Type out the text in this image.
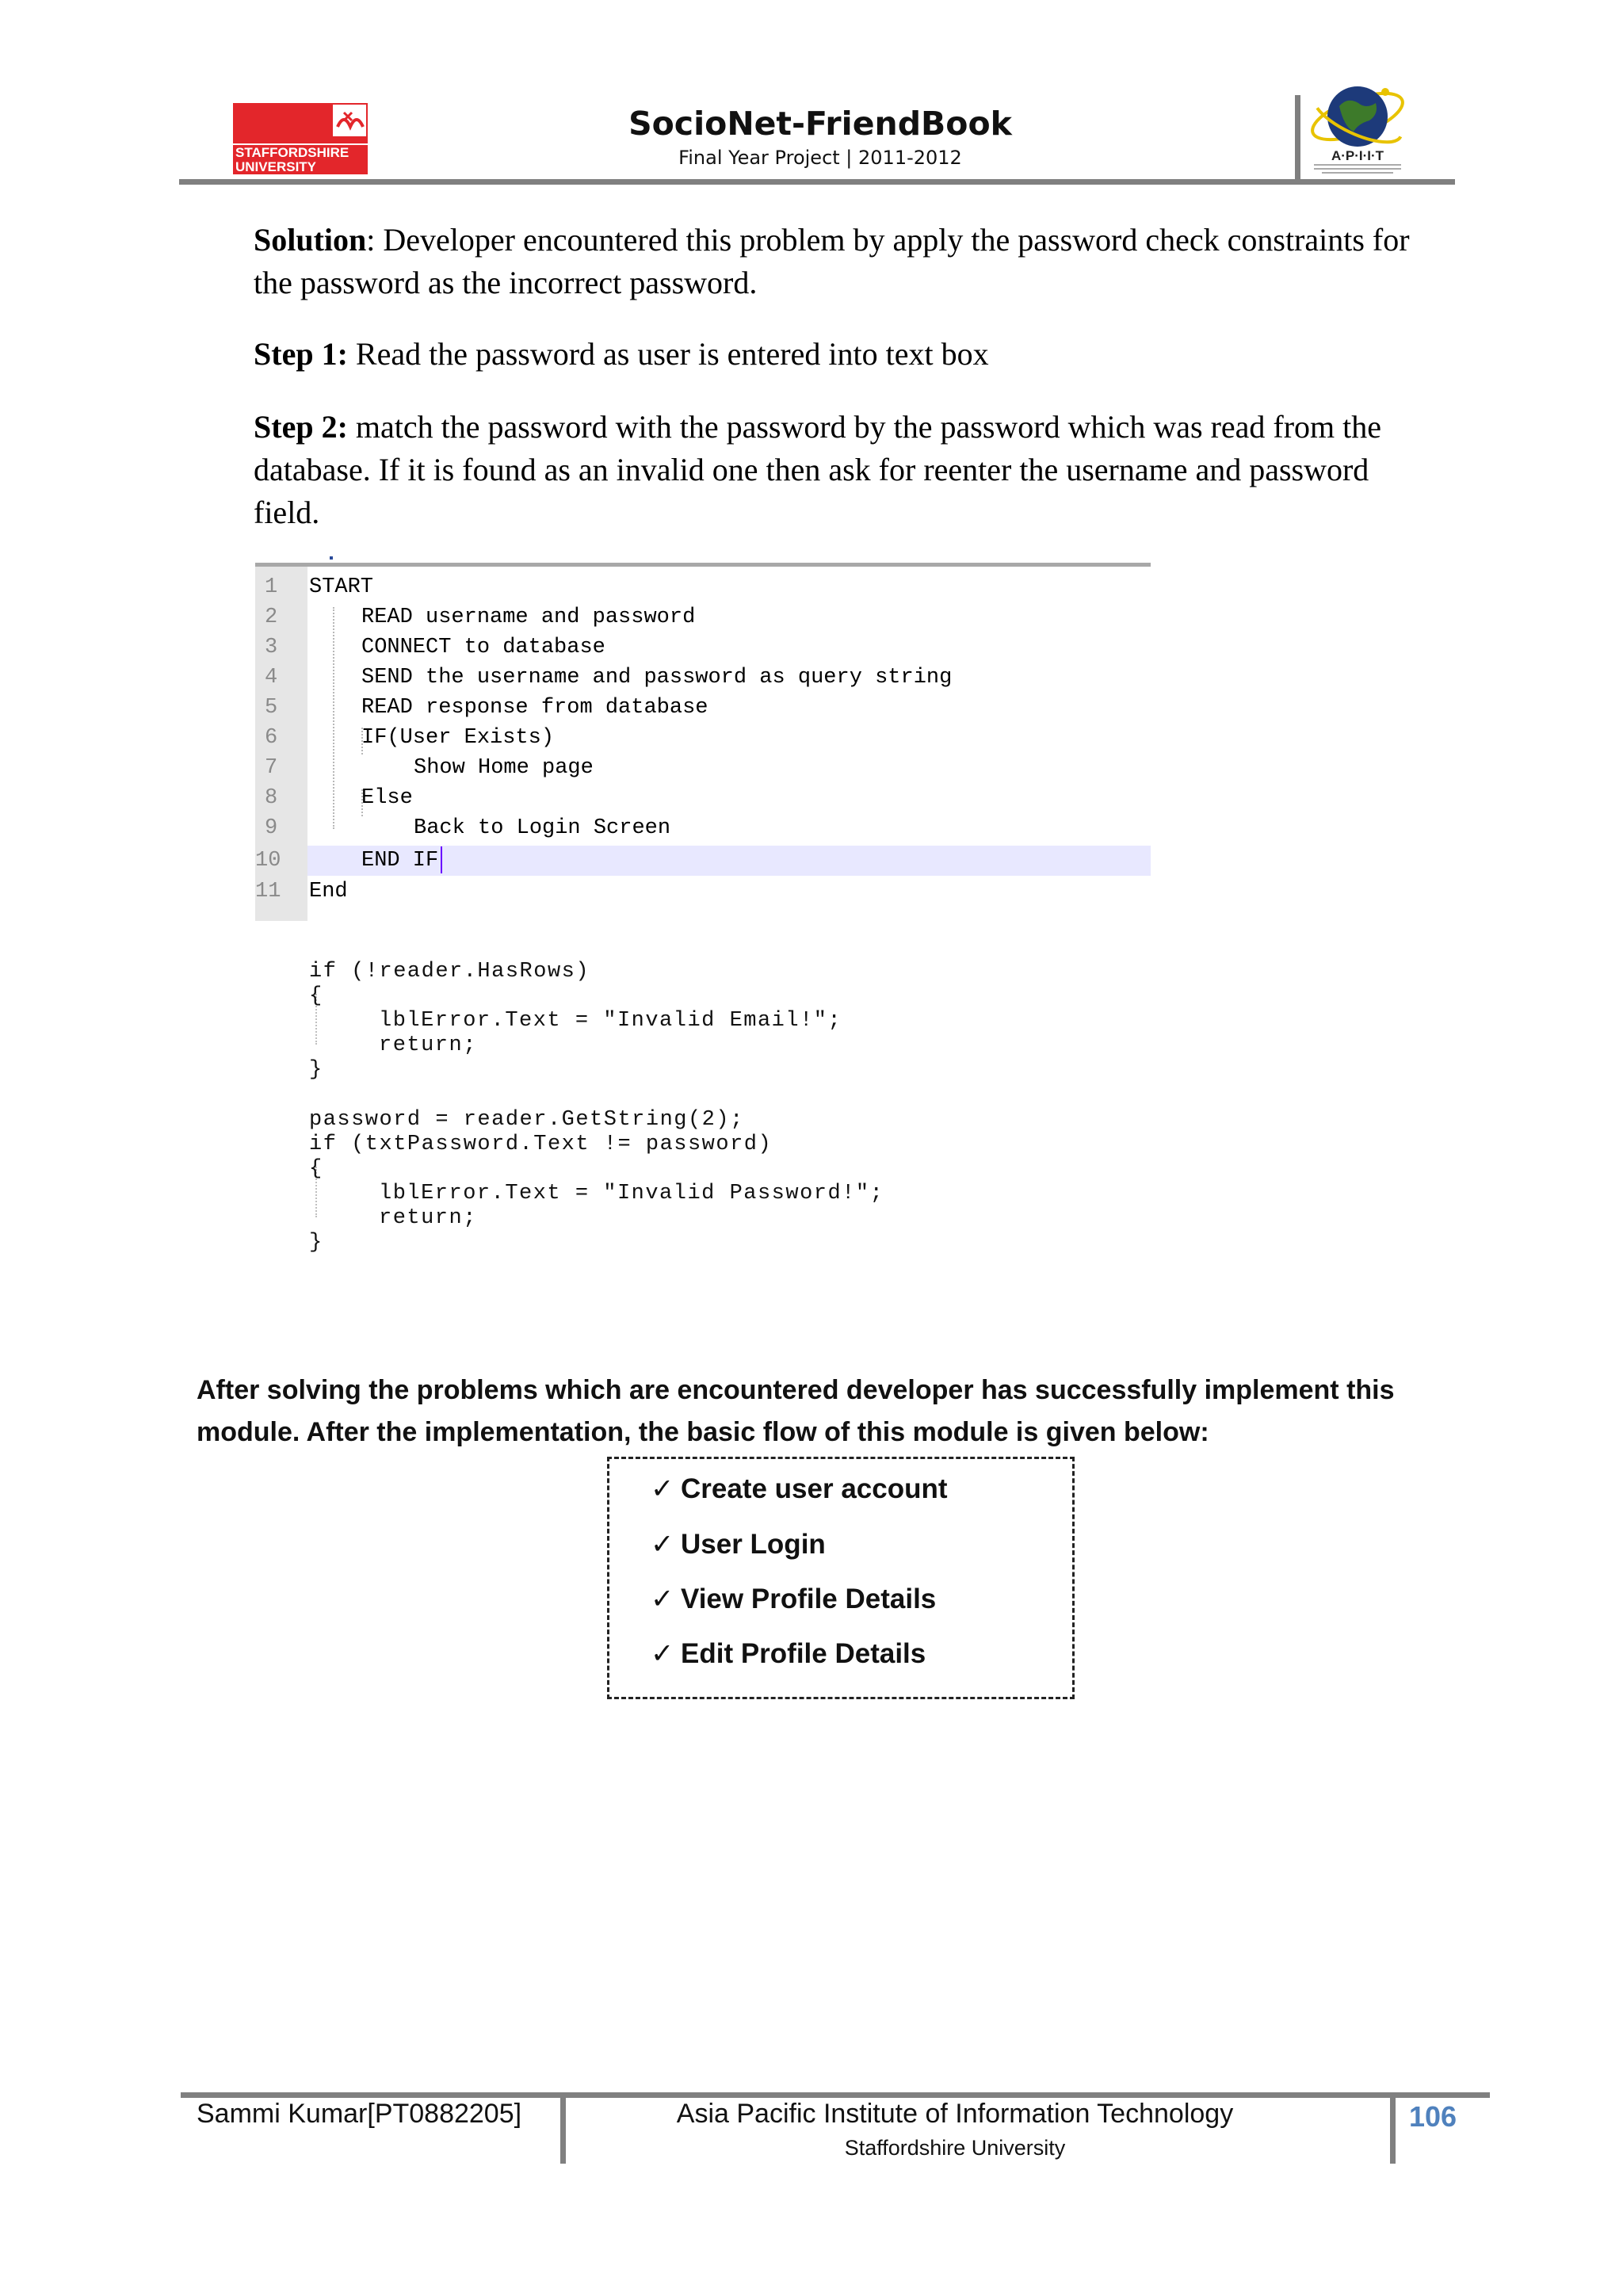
STAFFORDSHIRE
UNIVERSITY
SocioNet-FriendBook
Final Year Project | 2011-2012	A·P·I·I·T

Solution: Developer encountered this problem by apply the password check constraints for the password as the incorrect password.

Step 1: Read the password as user is entered into text box

Step 2: match the password with the password by the password which was read from the database. If it is found as an invalid one then ask for reenter the username and password field.

1 START
2	READ username and password
3	CONNECT to database
4	SEND the username and password as query string
5	READ response from database
6	IF(User Exists)
7	Show Home page
8	Else
9	Back to Login Screen
10	END IF
11 End
if (!reader.HasRows)
{
lblError.Text = "Invalid Email!";
return;
}
password = reader.GetString(2);
if (txtPassword.Text != password)
{
lblError.Text = "Invalid Password!";
return;
}

After solving the problems which are encountered developer has successfully implement this

module. After the implementation, the basic flow of this module is given below:

✓ Create user account
✓ User Login
✓ View Profile Details
✓ Edit Profile Details
Sammi Kumar[PT0882205]	Asia Pacific Institute of Information Technology
Staffordshire University
106
